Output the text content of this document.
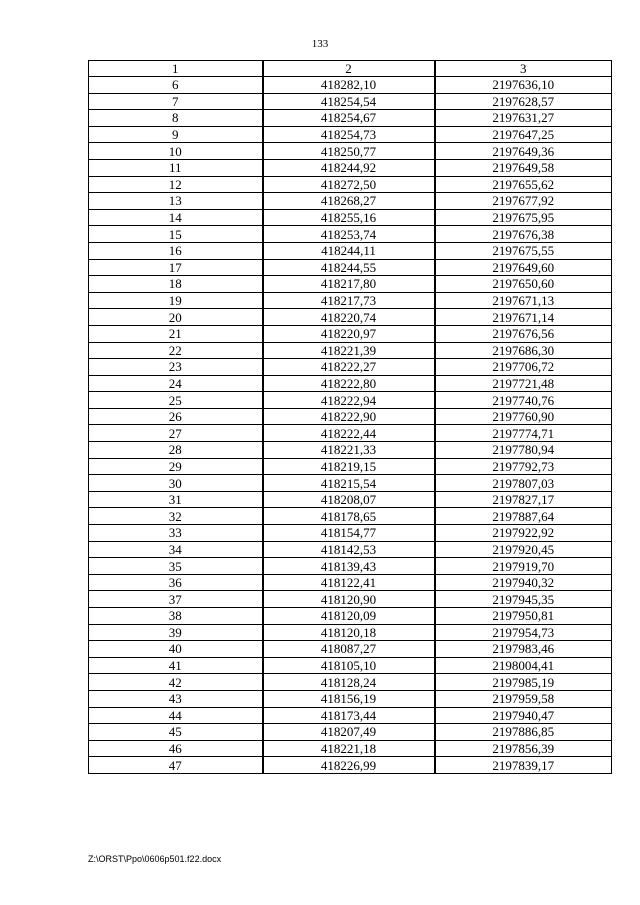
133
1	2	3
6	418282,10	2197636,10
7	418254,54	2197628,57
8	418254,67	2197631,27
9	418254,73	2197647,25
10	418250,77	2197649,36
11	418244,92	2197649,58
12	418272,50	2197655,62
13	418268,27	2197677,92
14	418255,16	2197675,95
15	418253,74	2197676,38
16	418244,11	2197675,55
17	418244,55	2197649,60
18	418217,80	2197650,60
19	418217,73	2197671,13
20	418220,74	2197671,14
21	418220,97	2197676,56
22	418221,39	2197686,30
23	418222,27	2197706,72
24	418222,80	2197721,48
25	418222,94	2197740,76
26	418222,90	2197760,90
27	418222,44	2197774,71
28	418221,33	2197780,94
29	418219,15	2197792,73
30	418215,54	2197807,03
31	418208,07	2197827,17
32	418178,65	2197887,64
33	418154,77	2197922,92
34	418142,53	2197920,45
35	418139,43	2197919,70
36	418122,41	2197940,32
37	418120,90	2197945,35
38	418120,09	2197950,81
39	418120,18	2197954,73
40	418087,27	2197983,46
41	418105,10	2198004,41
42	418128,24	2197985,19
43	418156,19	2197959,58
44	418173,44	2197940,47
45	418207,49	2197886,85
46	418221,18	2197856,39
47	418226,99	2197839,17
Z:\ORST\Ppo\0606p501.f22.docx
